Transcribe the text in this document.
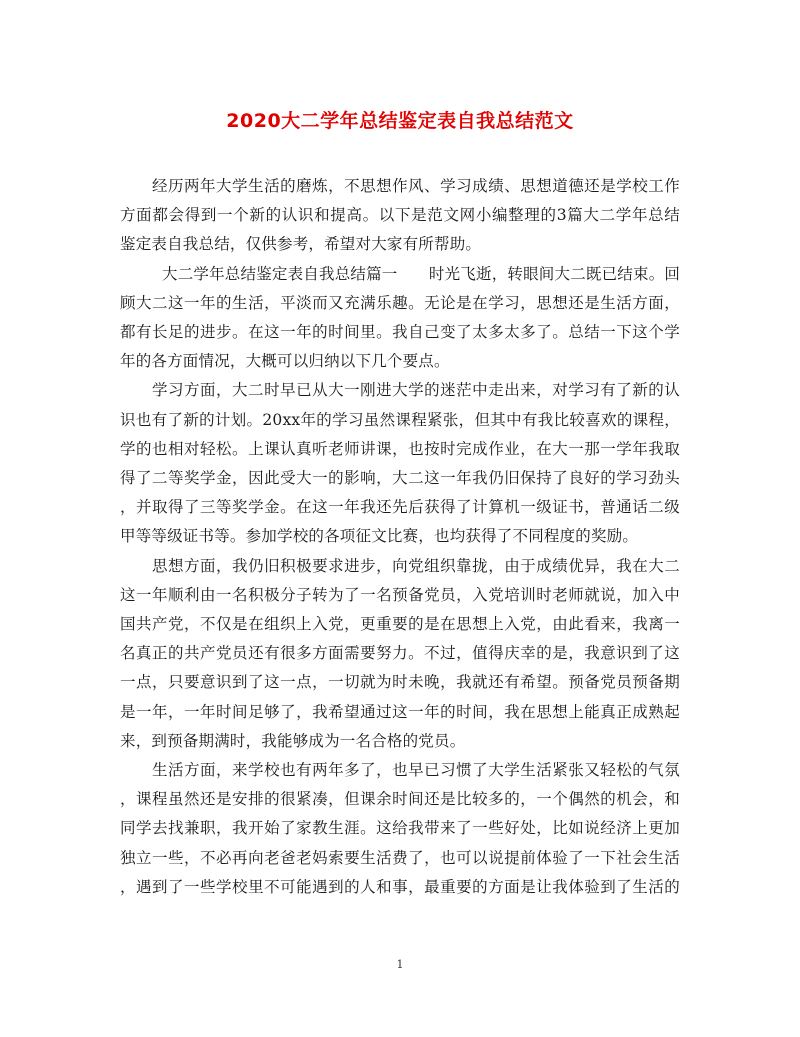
2020大二学年总结鉴定表自我总结范文
经历两年大学生活的磨炼，不思想作风、学习成绩、思想道德还是学校工作
方面都会得到一个新的认识和提高。以下是范文网小编整理的3篇大二学年总结
鉴定表自我总结，仅供参考，希望对大家有所帮助。
大二学年总结鉴定表自我总结篇一　　时光飞逝，转眼间大二既已结束。回
顾大二这一年的生活，平淡而又充满乐趣。无论是在学习，思想还是生活方面，
都有长足的进步。在这一年的时间里。我自己变了太多太多了。总结一下这个学
年的各方面情况，大概可以归纳以下几个要点。
学习方面，大二时早已从大一刚进大学的迷茫中走出来，对学习有了新的认
识也有了新的计划。20xx年的学习虽然课程紧张，但其中有我比较喜欢的课程，
学的也相对轻松。上课认真听老师讲课，也按时完成作业，在大一那一学年我取
得了二等奖学金，因此受大一的影响，大二这一年我仍旧保持了良好的学习劲头
，并取得了三等奖学金。在这一年我还先后获得了计算机一级证书，普通话二级
甲等等级证书等。参加学校的各项征文比赛，也均获得了不同程度的奖励。
思想方面，我仍旧积极要求进步，向党组织靠拢，由于成绩优异，我在大二
这一年顺利由一名积极分子转为了一名预备党员，入党培训时老师就说，加入中
国共产党，不仅是在组织上入党，更重要的是在思想上入党，由此看来，我离一
名真正的共产党员还有很多方面需要努力。不过，值得庆幸的是，我意识到了这
一点，只要意识到了这一点，一切就为时未晚，我就还有希望。预备党员预备期
是一年，一年时间足够了，我希望通过这一年的时间，我在思想上能真正成熟起
来，到预备期满时，我能够成为一名合格的党员。
生活方面，来学校也有两年多了，也早已习惯了大学生活紧张又轻松的气氛
，课程虽然还是安排的很紧凑，但课余时间还是比较多的，一个偶然的机会，和
同学去找兼职，我开始了家教生涯。这给我带来了一些好处，比如说经济上更加
独立一些，不必再向老爸老妈索要生活费了，也可以说提前体验了一下社会生活
，遇到了一些学校里不可能遇到的人和事，最重要的方面是让我体验到了生活的
1
